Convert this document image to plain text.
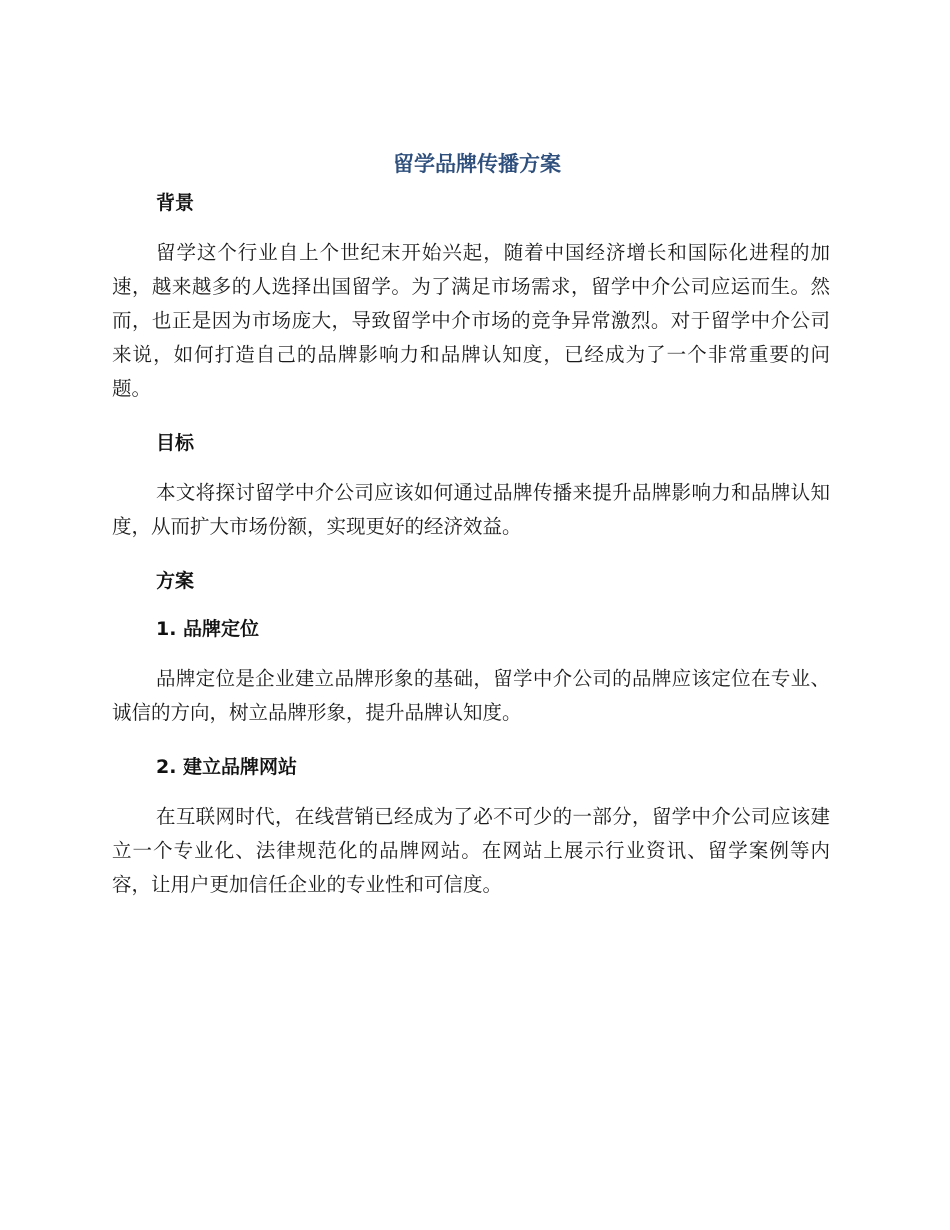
留学品牌传播方案
背景

留学这个行业自上个世纪末开始兴起，随着中国经济增长和国际化进程的加速，越来越多的人选择出国留学。为了满足市场需求，留学中介公司应运而生。然而，也正是因为市场庞大，导致留学中介市场的竞争异常激烈。对于留学中介公司来说，如何打造自己的品牌影响力和品牌认知度，已经成为了一个非常重要的问题。

目标

本文将探讨留学中介公司应该如何通过品牌传播来提升品牌影响力和品牌认知度，从而扩大市场份额，实现更好的经济效益。

方案
1. 品牌定位

品牌定位是企业建立品牌形象的基础，留学中介公司的品牌应该定位在专业、诚信的方向，树立品牌形象，提升品牌认知度。

2. 建立品牌网站

在互联网时代，在线营销已经成为了必不可少的一部分，留学中介公司应该建立一个专业化、法律规范化的品牌网站。在网站上展示行业资讯、留学案例等内容，让用户更加信任企业的专业性和可信度。
